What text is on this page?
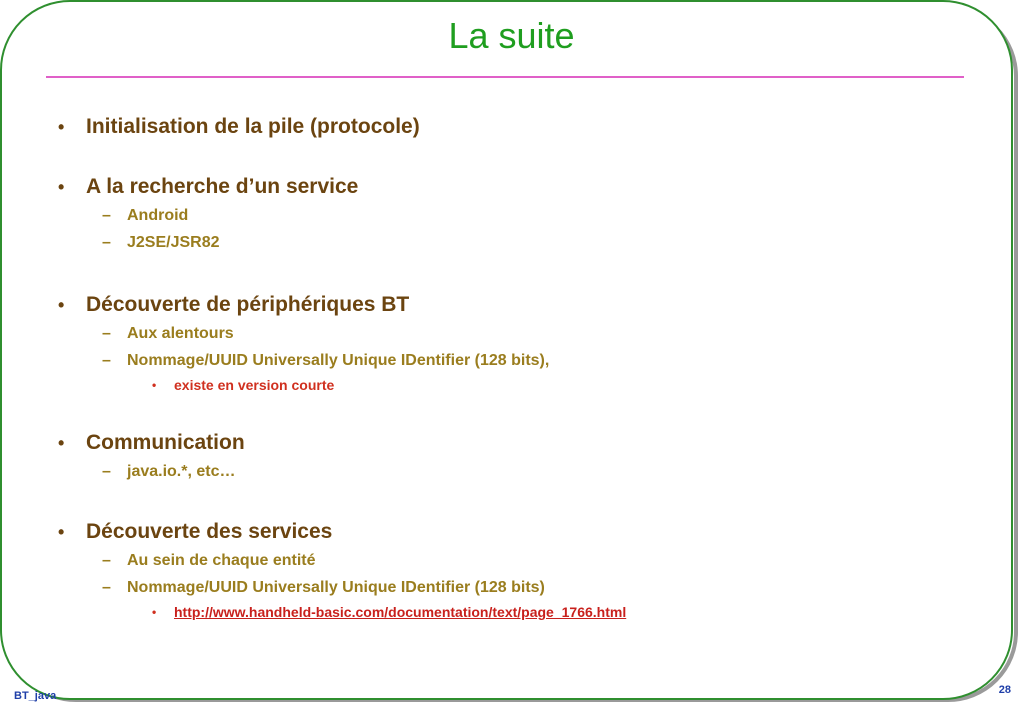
La suite
• Initialisation de la pile (protocole)
• A la recherche d’un service
– Android
– J2SE/JSR82
• Découverte de périphériques BT
– Aux alentours
– Nommage/UUID Universally Unique IDentifier (128 bits),
• existe en version courte
• Communication
– java.io.*, etc…
• Découverte des services
– Au sein de chaque entité
– Nommage/UUID Universally Unique IDentifier (128 bits)
• http://www.handheld-basic.com/documentation/text/page_1766.html
BT_java	28
